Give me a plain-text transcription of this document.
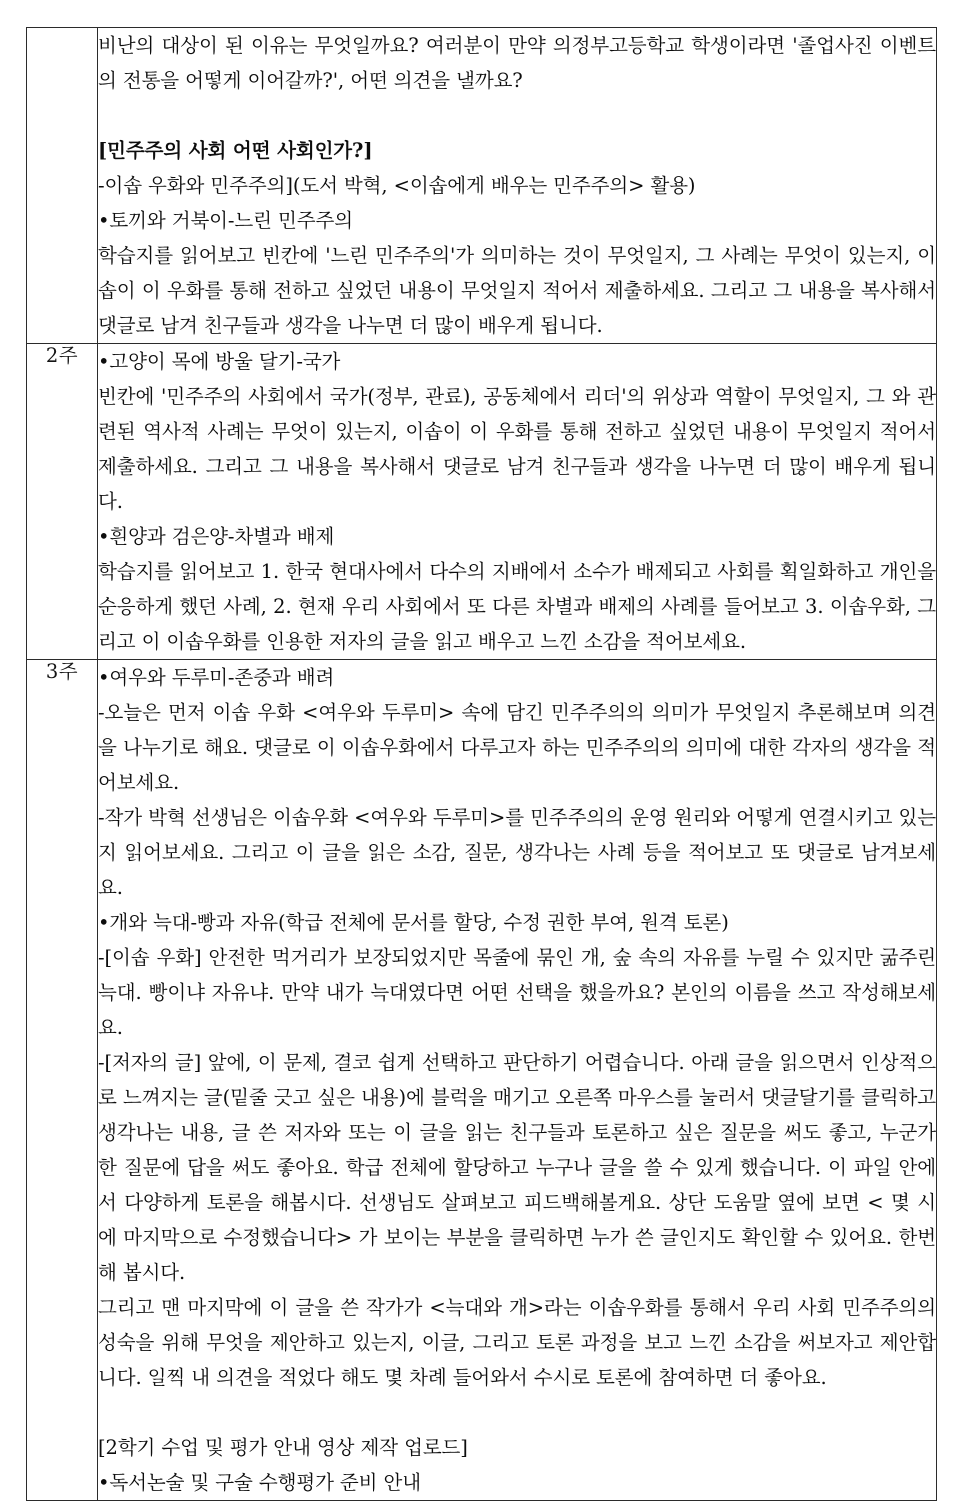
	비난의 대상이 된 이유는 무엇일까요? 여러분이 만약 의정부고등학교 학생이라면 '졸업사진 이벤트의 전통을 어떻게 이어갈까?', 어떤 의견을 낼까요?

[민주주의 사회 어떤 사회인가?]

-이솝 우화와 민주주의](도서 박혁, <이솝에게 배우는 민주주의> 활용)

•토끼와 거북이-느린 민주주의

학습지를 읽어보고 빈칸에 '느린 민주주의'가 의미하는 것이 무엇일지, 그 사례는 무엇이 있는지, 이솝이 이 우화를 통해 전하고 싶었던 내용이 무엇일지 적어서 제출하세요. 그리고 그 내용을 복사해서 댓글로 남겨 친구들과 생각을 나누면 더 많이 배우게 됩니다.

2주	•고양이 목에 방울 달기-국가

빈칸에 '민주주의 사회에서 국가(정부, 관료), 공동체에서 리더'의 위상과 역할이 무엇일지, 그 와 관련된 역사적 사례는 무엇이 있는지, 이솝이 이 우화를 통해 전하고 싶었던 내용이 무엇일지 적어서 제출하세요. 그리고 그 내용을 복사해서 댓글로 남겨 친구들과 생각을 나누면 더 많이 배우게 됩니다.

•흰양과 검은양-차별과 배제

학습지를 읽어보고 1. 한국 현대사에서 다수의 지배에서 소수가 배제되고 사회를 획일화하고 개인을 순응하게 했던 사례, 2. 현재 우리 사회에서 또 다른 차별과 배제의 사례를 들어보고 3. 이솝우화, 그리고 이 이솝우화를 인용한 저자의 글을 읽고 배우고 느낀 소감을 적어보세요.

3주	•여우와 두루미-존중과 배려

-오늘은 먼저 이솝 우화 <여우와 두루미> 속에 담긴 민주주의의 의미가 무엇일지 추론해보며 의견을 나누기로 해요. 댓글로 이 이솝우화에서 다루고자 하는 민주주의의 의미에 대한 각자의 생각을 적어보세요.

-작가 박혁 선생님은 이솝우화 <여우와 두루미>를 민주주의의 운영 원리와 어떻게 연결시키고 있는지 읽어보세요. 그리고 이 글을 읽은 소감, 질문, 생각나는 사례 등을 적어보고 또 댓글로 남겨보세요.

•개와 늑대-빵과 자유(학급 전체에 문서를 할당, 수정 권한 부여, 원격 토론)

-[이솝 우화] 안전한 먹거리가 보장되었지만 목줄에 묶인 개, 숲 속의 자유를 누릴 수 있지만 굶주린 늑대. 빵이냐 자유냐. 만약 내가 늑대였다면 어떤 선택을 했을까요? 본인의 이름을 쓰고 작성해보세요.

-[저자의 글] 앞에, 이 문제, 결코 쉽게 선택하고 판단하기 어렵습니다. 아래 글을 읽으면서 인상적으로 느껴지는 글(밑줄 긋고 싶은 내용)에 블럭을 매기고 오른쪽 마우스를 눌러서 댓글달기를 클릭하고 생각나는 내용, 글 쓴 저자와 또는 이 글을 읽는 친구들과 토론하고 싶은 질문을 써도 좋고, 누군가 한 질문에 답을 써도 좋아요. 학급 전체에 할당하고 누구나 글을 쓸 수 있게 했습니다. 이 파일 안에서 다양하게 토론을 해봅시다. 선생님도 살펴보고 피드백해볼게요. 상단 도움말 옆에 보면 < 몇 시에 마지막으로 수정했습니다> 가 보이는 부분을 클릭하면 누가 쓴 글인지도 확인할 수 있어요. 한번 해 봅시다.

그리고 맨 마지막에 이 글을 쓴 작가가 <늑대와 개>라는 이솝우화를 통해서 우리 사회 민주주의의 성숙을 위해 무엇을 제안하고 있는지, 이글, 그리고 토론 과정을 보고 느낀 소감을 써보자고 제안합니다. 일찍 내 의견을 적었다 해도 몇 차례 들어와서 수시로 토론에 참여하면 더 좋아요.

[2학기 수업 및 평가 안내 영상 제작 업로드]

•독서논술 및 구술 수행평가 준비 안내
